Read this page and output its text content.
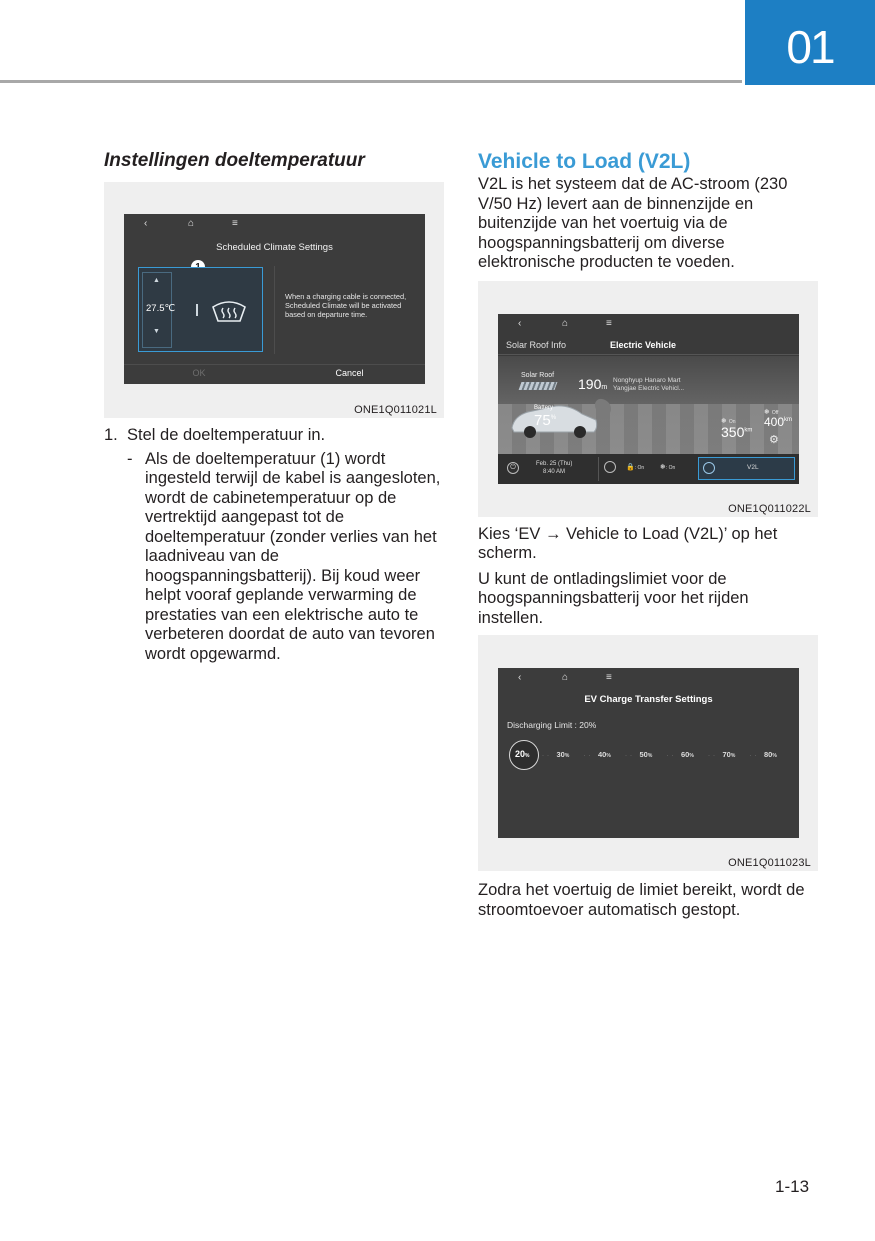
01
Instellingen doeltemperatuur
‹	⌂	≡
Scheduled Climate Settings
▲
27.5℃
▼
When a charging cable is connected, Scheduled Climate will be activated based on departure time.
OK	Cancel
ONE1Q011021L
1. Stel de doeltemperatuur in.
- Als de doeltemperatuur (1) wordt ingesteld terwijl de kabel is aangesloten, wordt de cabinetemperatuur op de vertrektijd aangepast tot de doeltemperatuur (zonder verlies van het laadniveau van de hoogspanningsbatterij). Bij koud weer helpt vooraf geplande verwarming de prestaties van een elektrische auto te verbeteren doordat de auto van tevoren wordt opgewarmd.
Vehicle to Load (V2L)
V2L is het systeem dat de AC-stroom (230 V/50 Hz) levert aan de binnenzijde en buitenzijde van het voertuig via de hoogspanningsbatterij om diverse elektronische producten te voeden.
‹	⌂	≡
Solar Roof Info	Electric Vehicle
Solar Roof
Battery
75%
190m
Nonghyup Hanaro Mart
Yangjae Electric Vehicl...
❅ Off
$400^{km}$
❅ On
$350^{km}$
⚙
⏻	Feb. 25 (Thu)
8:40 AM
🔒: On ❅: On	V2L
ONE1Q011022L
Kies ‘EV → Vehicle to Load (V2L)’ op het scherm.
U kunt de ontladingslimiet voor de hoogspanningsbatterij voor het rijden instellen.
‹	⌂	≡
EV Charge Transfer Settings
Discharging Limit : 20%
20% ·· 30% ·· 40% ·· 50% ·· 60% ·· 70% ·· 80%
ONE1Q011023L
Zodra het voertuig de limiet bereikt, wordt de stroomtoevoer automatisch gestopt.
1-13
